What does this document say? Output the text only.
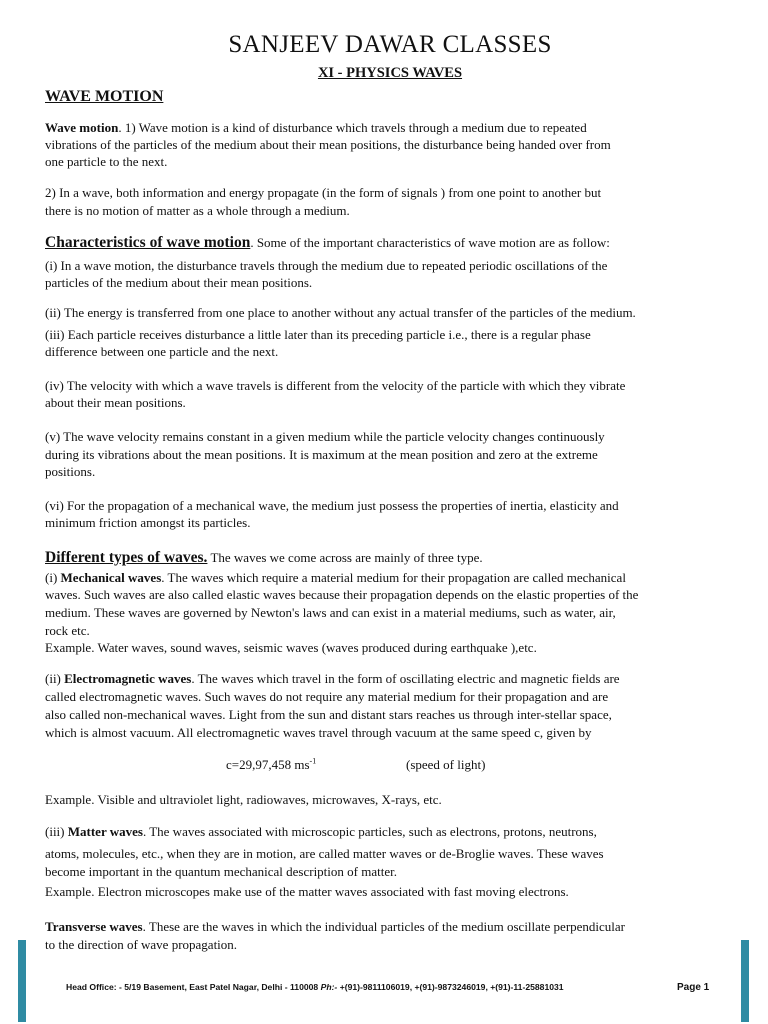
SANJEEV DAWAR CLASSES
XI - PHYSICS WAVES
WAVE MOTION
Wave motion. 1) Wave motion is a kind of disturbance which travels through a medium due to repeated
vibrations of the particles of the medium about their mean positions, the disturbance being handed over from
one particle to the next.
2) In a wave, both information and energy propagate (in the form of signals ) from one point to another but
there is no motion of matter as a whole through a medium.
Characteristics of wave motion. Some of the important characteristics of wave motion are as follow:
(i) In a wave motion, the disturbance travels through the medium due to repeated periodic oscillations of the
particles of the medium about their mean positions.
(ii) The energy is transferred from one place to another without any actual transfer of the particles of the medium.
(iii) Each particle receives disturbance a little later than its preceding particle i.e., there is a regular phase
difference between one particle and the next.
(iv) The velocity with which a wave travels is different from the velocity of the particle with which they vibrate
about their mean positions.
(v) The wave velocity remains constant in a given medium while the particle velocity changes continuously
during its vibrations about the mean positions. It is maximum at the mean position and zero at the extreme
positions.
(vi) For the propagation of a mechanical wave, the medium just possess the properties of inertia, elasticity and
minimum friction amongst its particles.
Different types of waves. The waves we come across are mainly of three type.
(i) Mechanical waves. The waves which require a material medium for their propagation are called mechanical
waves. Such waves are also called elastic waves because their propagation depends on the elastic properties of the
medium. These waves are governed by Newton's laws and can exist in a material mediums, such as water, air,
rock etc.
Example. Water waves, sound waves, seismic waves (waves produced during earthquake ),etc.
(ii) Electromagnetic waves. The waves which travel in the form of oscillating electric and magnetic fields are
called electromagnetic waves. Such waves do not require any material medium for their propagation and are
also called non-mechanical waves. Light from the sun and distant stars reaches us through inter-stellar space,
which is almost vacuum. All electromagnetic waves travel through vacuum at the same speed c, given by
c=29,97,458 $ms^{-1}$	(speed of light)
Example. Visible and ultraviolet light, radiowaves, microwaves, X-rays, etc.
(iii) Matter waves. The waves associated with microscopic particles, such as electrons, protons, neutrons,
atoms, molecules, etc., when they are in motion, are called matter waves or de-Broglie waves. These waves
become important in the quantum mechanical description of matter.
Example. Electron microscopes make use of the matter waves associated with fast moving electrons.
Transverse waves. These are the waves in which the individual particles of the medium oscillate perpendicular
to the direction of wave propagation.
Head Office: - 5/19 Basement, East Patel Nagar, Delhi - 110008 Ph:- +(91)-9811106019, +(91)-9873246019, +(91)-11-25881031	Page 1
